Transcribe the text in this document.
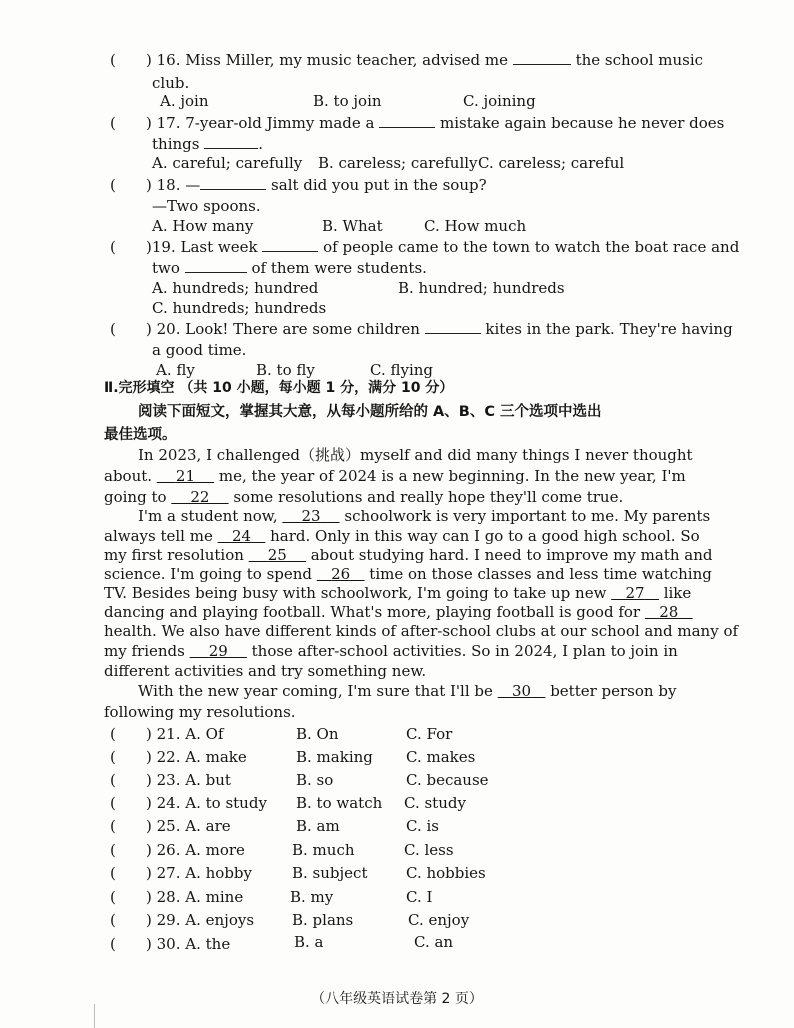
( ) 16. Miss Miller, my music teacher, advised me	the school music
club.
A. join	B. to join	C. joining
( ) 17. 7-year-old Jimmy made a	mistake again because he never does
things	.
A. careful; carefully B. careless; carefully C. careless; careful
( ) 18. —	salt did you put in the soup?
—Two spoons.
A. How many	B. What	C. How much
( )19. Last week	of people came to the town to watch the boat race and
two	of them were students.
A. hundreds; hundred	B. hundred; hundreds
C. hundreds; hundreds
( ) 20. Look! There are some children	kites in the park. They're having
a good time.
A. fly	B. to fly	C. flying
Ⅱ.完形填空 （共 10 小题，每小题 1 分，满分 10 分）
阅读下面短文，掌握其大意，从每小题所给的 A、B、C 三个选项中选出
最佳选项。
In 2023, I challenged（挑战）myself and did many things I never thought
about. 21 me, the year of 2024 is a new beginning. In the new year, I'm
going to 22 some resolutions and really hope they'll come true.
I'm a student now, 23 schoolwork is very important to me. My parents
always tell me 24 hard. Only in this way can I go to a good high school. So
my first resolution 25 about studying hard. I need to improve my math and
science. I'm going to spend 26 time on those classes and less time watching
TV. Besides being busy with schoolwork, I'm going to take up new 27 like
dancing and playing football. What's more, playing football is good for 28
health. We also have different kinds of after-school clubs at our school and many of
my friends 29 those after-school activities. So in 2024, I plan to join in
different activities and try something new.
With the new year coming, I'm sure that I'll be 30 better person by
following my resolutions.
( ) 21. A. Of	B. On	C. For
( ) 22. A. make	B. making C. makes
( ) 23. A. but	B. so	C. because
( ) 24. A. to study B. to watch C. study
( ) 25. A. are	B. am	C. is
( ) 26. A. more	B. much	C. less
( ) 27. A. hobby	B. subject	C. hobbies
( ) 28. A. mine	B. my	C. I
( ) 29. A. enjoys	B. plans	C. enjoy
( ) 30. A. the	B. a	C. an
（八年级英语试卷第 2 页）
